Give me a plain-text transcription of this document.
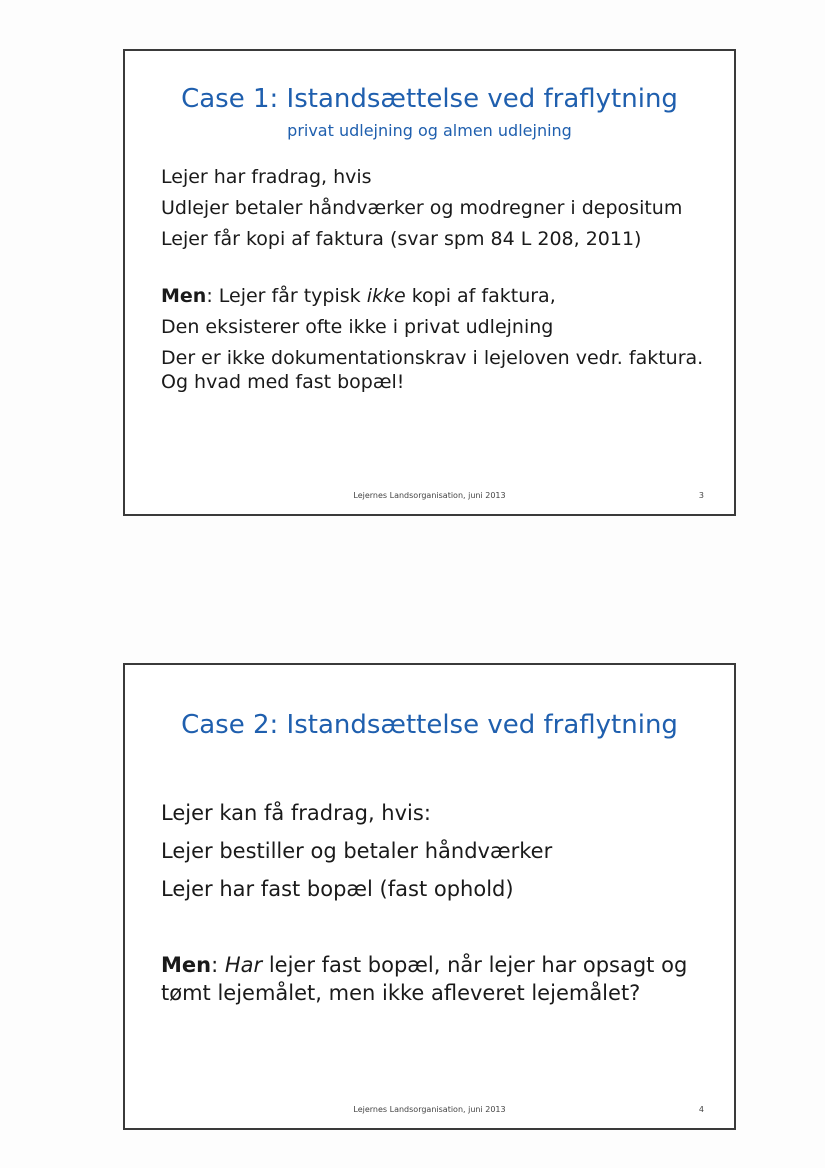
Case 1: Istandsættelse ved fraflytning
privat udlejning og almen udlejning
Lejer har fradrag, hvis
Udlejer betaler håndværker og modregner i depositum
Lejer får kopi af faktura (svar spm 84 L 208, 2011)
Men: Lejer får typisk ikke kopi af faktura,
Den eksisterer ofte ikke i privat udlejning
Der er ikke dokumentationskrav i lejeloven vedr. faktura. Og hvad med fast bopæl!
Lejernes Landsorganisation, juni 2013	3
Case 2: Istandsættelse ved fraflytning
Lejer kan få fradrag, hvis:
Lejer bestiller og betaler håndværker
Lejer har fast bopæl (fast ophold)
Men: Har lejer fast bopæl, når lejer har opsagt og tømt lejemålet, men ikke afleveret lejemålet?
Lejernes Landsorganisation, juni 2013	4
